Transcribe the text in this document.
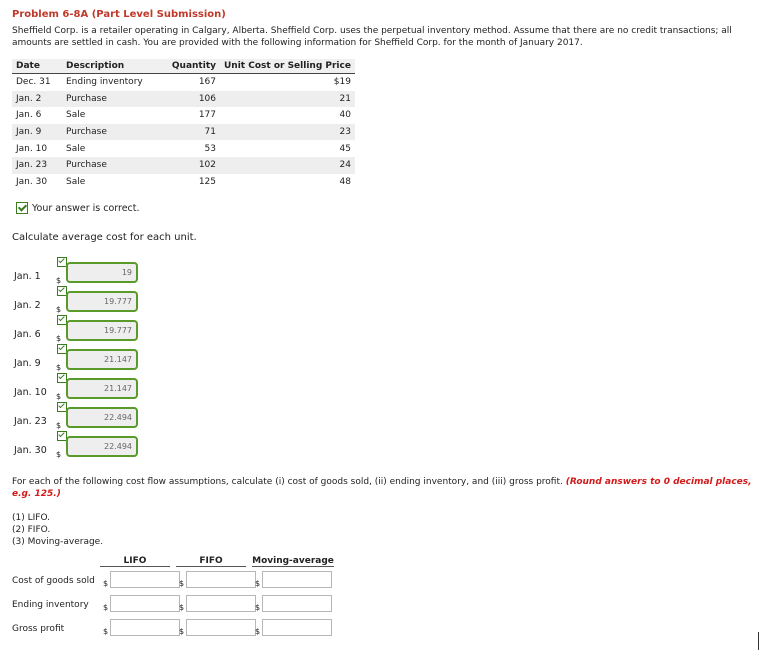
Problem 6-8A (Part Level Submission)
Sheffield Corp. is a retailer operating in Calgary, Alberta. Sheffield Corp. uses the perpetual inventory method. Assume that there are no credit transactions; all amounts are settled in cash. You are provided with the following information for Sheffield Corp. for the month of January 2017.
Date	Description	Quantity	Unit Cost or Selling Price
Dec. 31	Ending inventory	167	$19
Jan. 2	Purchase	106	21
Jan. 6	Sale	177	40
Jan. 9	Purchase	71	23
Jan. 10	Sale	53	45
Jan. 23	Purchase	102	24
Jan. 30	Sale	125	48
Your answer is correct.
Calculate average cost for each unit.
Jan. 1 $
19
Jan. 2 $
19.777
Jan. 6 $
19.777
Jan. 9 $
21.147
Jan. 10 $
21.147
Jan. 23 $
22.494
Jan. 30 $
22.494
For each of the following cost flow assumptions, calculate (i) cost of goods sold, (ii) ending inventory, and (iii) gross profit. (Round answers to 0 decimal places, e.g. 125.)
(1) LIFO.
(2) FIFO.
(3) Moving-average.
LIFO	FIFO	Moving-average
Cost of goods sold $	$	$
Ending inventory $	$	$
Gross profit	$	$	$
